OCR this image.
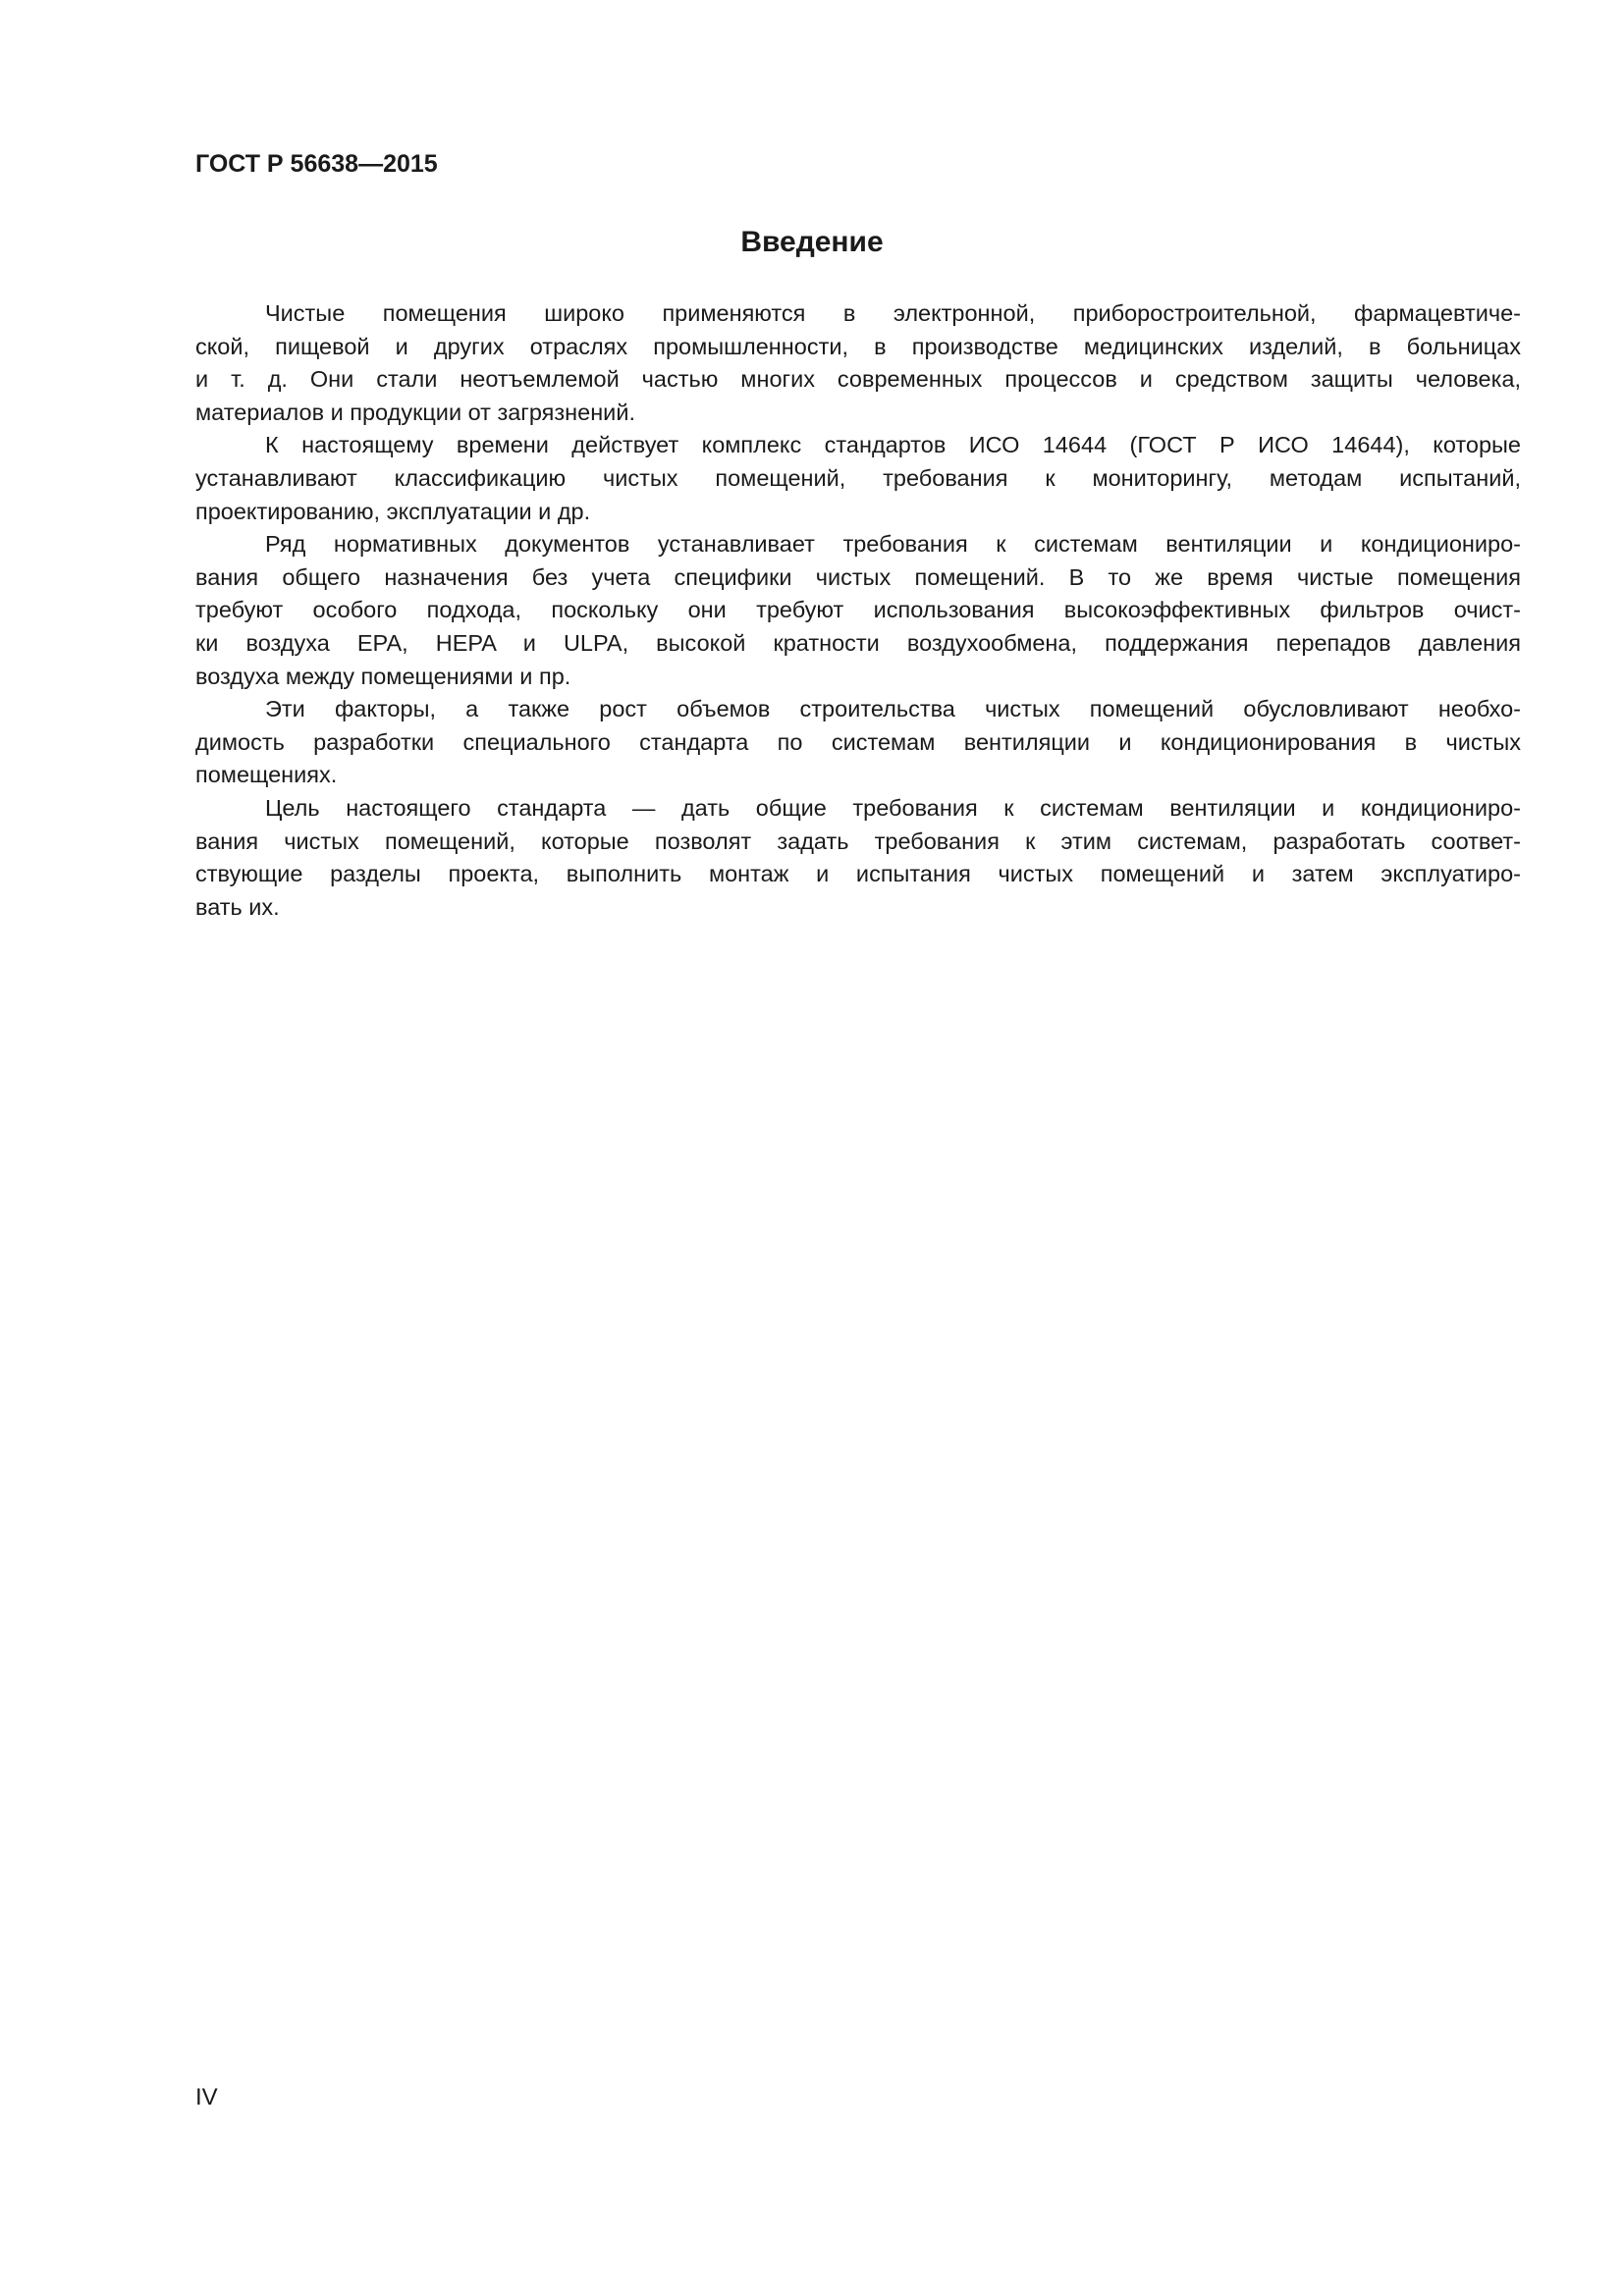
ГОСТ Р 56638—2015
Введение
Чистые помещения широко применяются в электронной, приборостроительной, фармацевтиче-
ской, пищевой и других отраслях промышленности, в производстве медицинских изделий, в больницах
и т. д. Они стали неотъемлемой частью многих современных процессов и средством защиты человека,
материалов и продукции от загрязнений.
К настоящему времени действует комплекс стандартов ИСО 14644 (ГОСТ Р ИСО 14644), которые
устанавливают классификацию чистых помещений, требования к мониторингу, методам испытаний,
проектированию, эксплуатации и др.
Ряд нормативных документов устанавливает требования к системам вентиляции и кондициониро-
вания общего назначения без учета специфики чистых помещений. В то же время чистые помещения
требуют особого подхода, поскольку они требуют использования высокоэффективных фильтров очист-
ки воздуха EPA, HEPA и ULPA, высокой кратности воздухообмена, поддержания перепадов давления
воздуха между помещениями и пр.
Эти факторы, а также рост объемов строительства чистых помещений обусловливают необхо-
димость разработки специального стандарта по системам вентиляции и кондиционирования в чистых
помещениях.
Цель настоящего стандарта — дать общие требования к системам вентиляции и кондициониро-
вания чистых помещений, которые позволят задать требования к этим системам, разработать соответ-
ствующие разделы проекта, выполнить монтаж и испытания чистых помещений и затем эксплуатиро-
вать их.
IV
